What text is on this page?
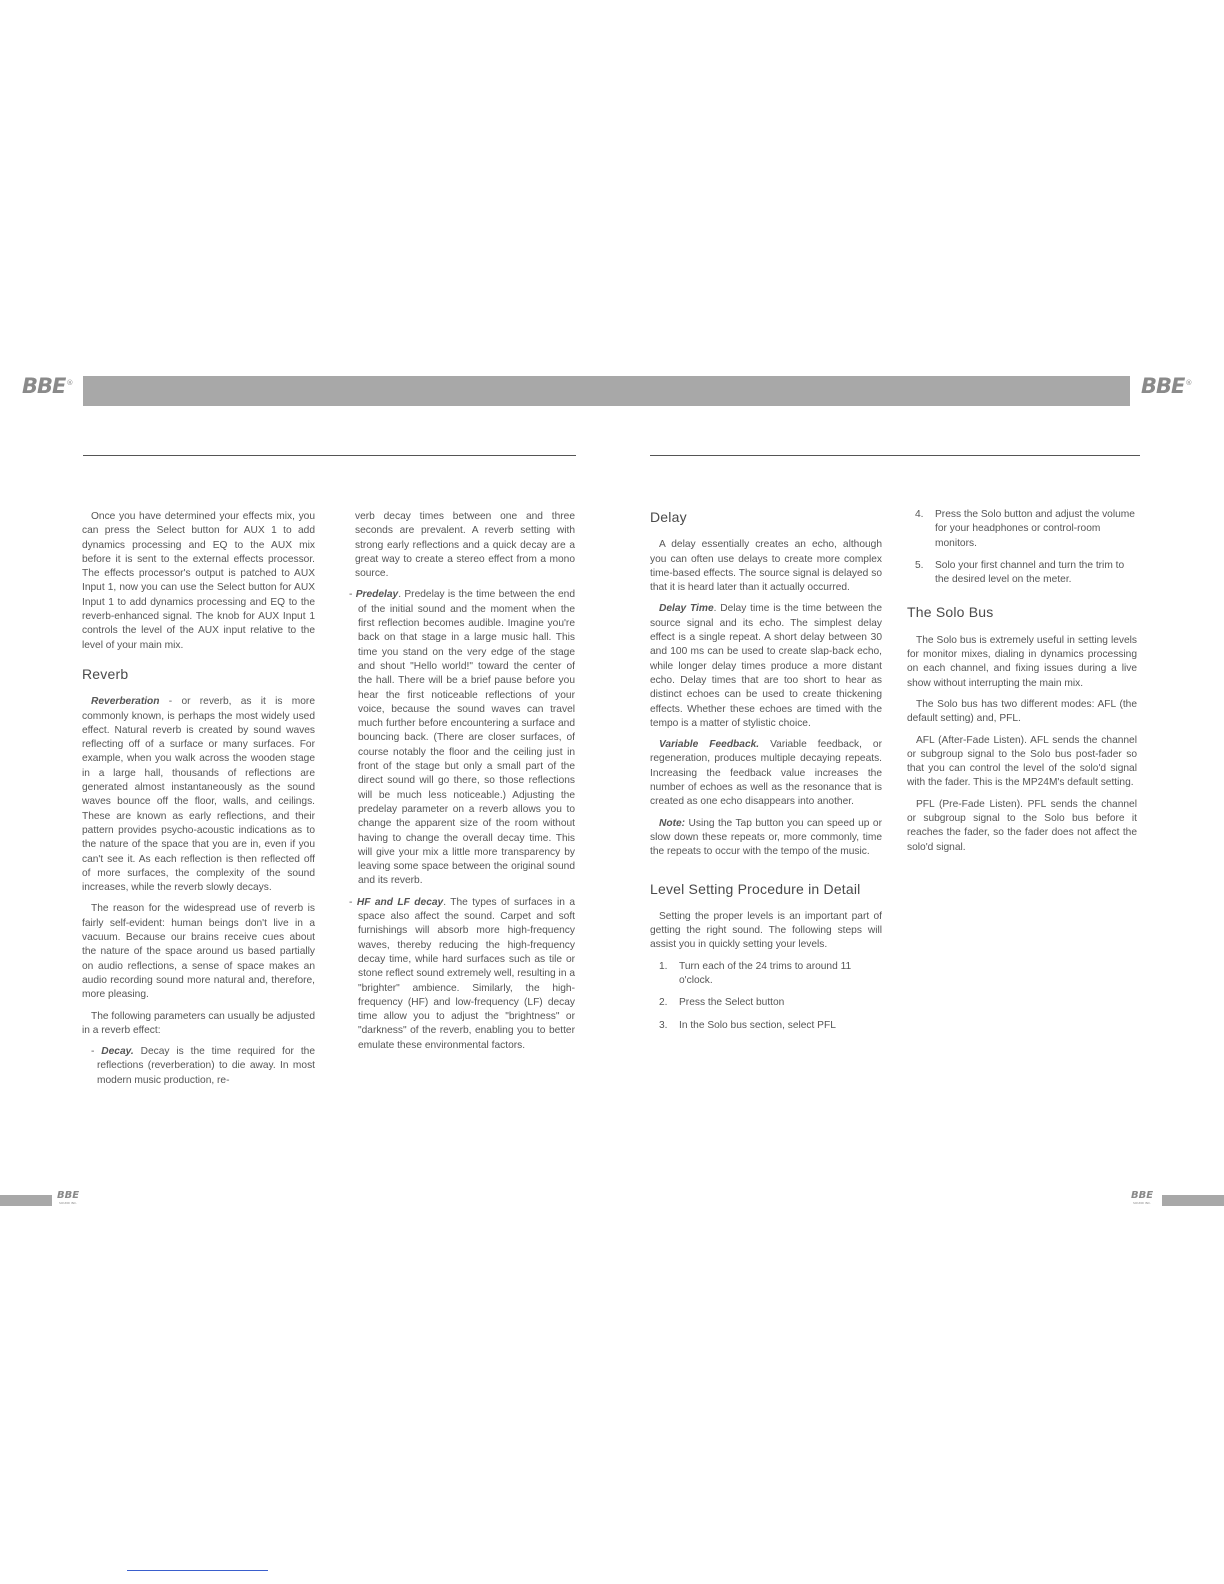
BBE®	BBE®

Once you have determined your effects mix, you can press the Select button for AUX 1 to add dynamics processing and EQ to the AUX mix before it is sent to the external effects processor. The effects processor's output is patched to AUX Input 1, now you can use the Select button for AUX Input 1 to add dynamics processing and EQ to the reverb-enhanced signal. The knob for AUX Input 1 controls the level of the AUX input relative to the level of your main mix.

Reverb

Reverberation - or reverb, as it is more commonly known, is perhaps the most widely used effect. Natural reverb is created by sound waves reflecting off of a surface or many surfaces. For example, when you walk across the wooden stage in a large hall, thousands of reflections are generated almost instantaneously as the sound waves bounce off the floor, walls, and ceilings. These are known as early reflections, and their pattern provides psycho-acoustic indications as to the nature of the space that you are in, even if you can't see it. As each reflection is then reflected off of more surfaces, the complexity of the sound increases, while the reverb slowly decays.

The reason for the widespread use of reverb is fairly self-evident: human beings don't live in a vacuum. Because our brains receive cues about the nature of the space around us based partially on audio reflections, a sense of space makes an audio recording sound more natural and, therefore, more pleasing.

The following parameters can usually be adjusted in a reverb effect:

- Decay. Decay is the time required for the reflections (reverberation) to die away. In most modern music production, re-

verb decay times between one and three seconds are prevalent. A reverb setting with strong early reflections and a quick decay are a great way to create a stereo effect from a mono source.

- Predelay. Predelay is the time between the end of the initial sound and the moment when the first reflection becomes audible. Imagine you're back on that stage in a large music hall. This time you stand on the very edge of the stage and shout "Hello world!" toward the center of the hall. There will be a brief pause before you hear the first noticeable reflections of your voice, because the sound waves can travel much further before encountering a surface and bouncing back. (There are closer surfaces, of course notably the floor and the ceiling just in front of the stage but only a small part of the direct sound will go there, so those reflections will be much less noticeable.) Adjusting the predelay parameter on a reverb allows you to change the apparent size of the room without having to change the overall decay time. This will give your mix a little more transparency by leaving some space between the original sound and its reverb.

- HF and LF decay. The types of surfaces in a space also affect the sound. Carpet and soft furnishings will absorb more high-frequency waves, thereby reducing the high-frequency decay time, while hard surfaces such as tile or stone reflect sound extremely well, resulting in a "brighter" ambience. Similarly, the high-frequency (HF) and low-frequency (LF) decay time allow you to adjust the "brightness" or "darkness" of the reverb, enabling you to better emulate these environmental factors.

Delay

A delay essentially creates an echo, although you can often use delays to create more complex time-based effects. The source signal is delayed so that it is heard later than it actually occurred.

Delay Time. Delay time is the time between the source signal and its echo. The simplest delay effect is a single repeat. A short delay between 30 and 100 ms can be used to create slap-back echo, while longer delay times produce a more distant echo. Delay times that are too short to hear as distinct echoes can be used to create thickening effects. Whether these echoes are timed with the tempo is a matter of stylistic choice.

Variable Feedback. Variable feedback, or regeneration, produces multiple decaying repeats. Increasing the feedback value increases the number of echoes as well as the resonance that is created as one echo disappears into another.

Note: Using the Tap button you can speed up or slow down these repeats or, more commonly, time the repeats to occur with the tempo of the music.

Level Setting Procedure in Detail

Setting the proper levels is an important part of getting the right sound. The following steps will assist you in quickly setting your levels.

1.	Turn each of the 24 trims to around 11 o'clock.
2.	Press the Select button
3.	In the Solo bus section, select PFL
4.	Press the Solo button and adjust the volume for your headphones or control-room monitors.
5.	Solo your first channel and turn the trim to the desired level on the meter.
The Solo Bus

The Solo bus is extremely useful in setting levels for monitor mixes, dialing in dynamics processing on each channel, and fixing issues during a live show without interrupting the main mix.

The Solo bus has two different modes: AFL (the default setting) and, PFL.

AFL (After-Fade Listen). AFL sends the channel or subgroup signal to the Solo bus post-fader so that you can control the level of the solo'd signal with the fader. This is the MP24M's default setting.

PFL (Pre-Fade Listen). PFL sends the channel or subgroup signal to the Solo bus before it reaches the fader, so the fader does not affect the solo'd signal.

BBE
SOUND INC.
BBE
SOUND INC.
